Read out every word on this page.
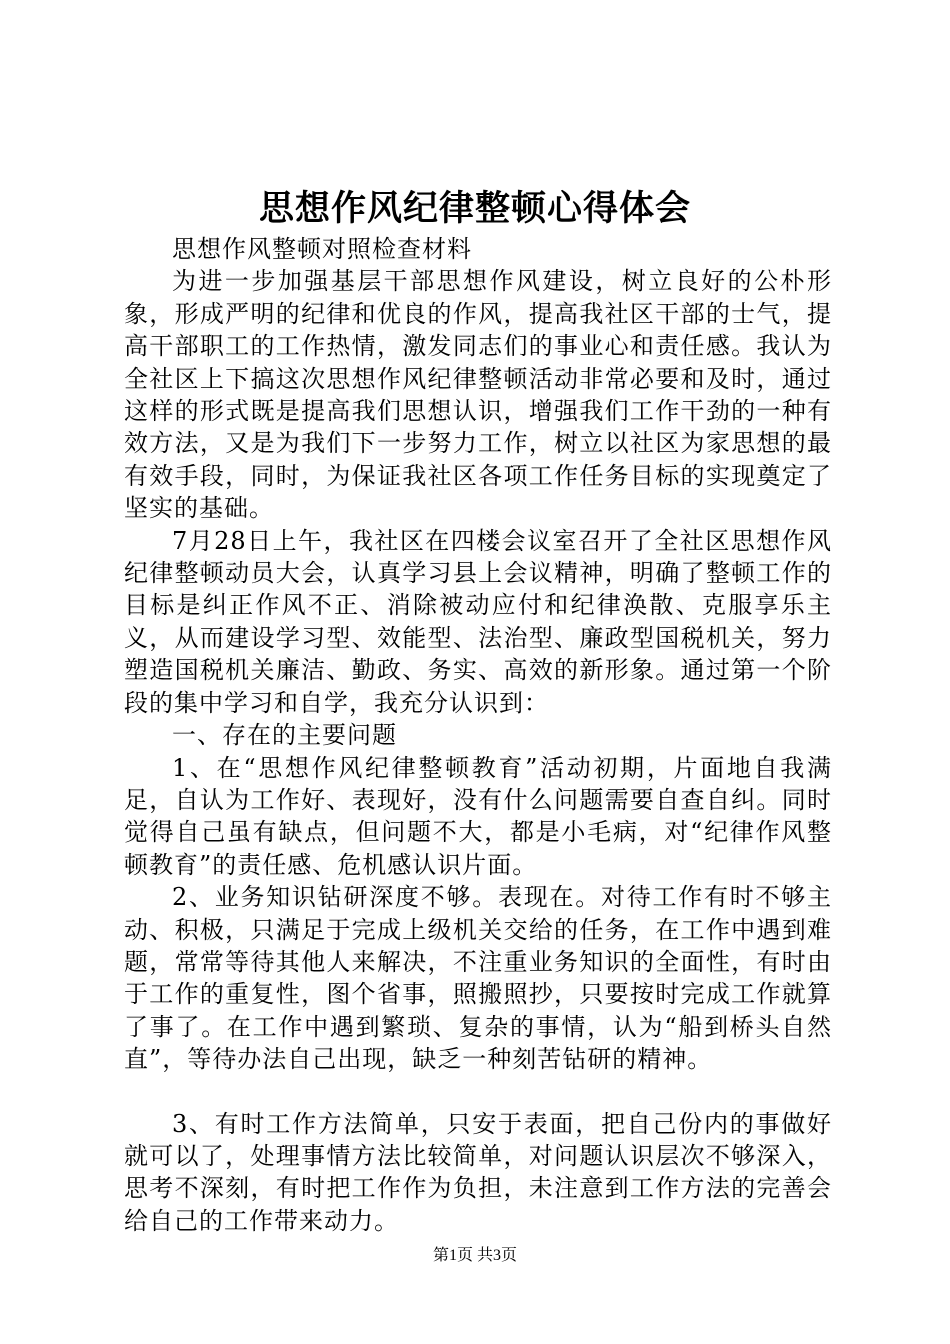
思想作风纪律整顿心得体会

思想作风整顿对照检查材料

为进一步加强基层干部思想作风建设，树立良好的公朴形象，形成严明的纪律和优良的作风，提高我社区干部的士气，提高干部职工的工作热情，激发同志们的事业心和责任感。我认为全社区上下搞这次思想作风纪律整顿活动非常必要和及时，通过这样的形式既是提高我们思想认识，增强我们工作干劲的一种有效方法，又是为我们下一步努力工作，树立以社区为家思想的最有效手段，同时，为保证我社区各项工作任务目标的实现奠定了坚实的基础。

7月28日上午，我社区在四楼会议室召开了全社区思想作风纪律整顿动员大会，认真学习县上会议精神，明确了整顿工作的目标是纠正作风不正、消除被动应付和纪律涣散、克服享乐主义，从而建设学习型、效能型、法治型、廉政型国税机关，努力塑造国税机关廉洁、勤政、务实、高效的新形象。通过第一个阶段的集中学习和自学，我充分认识到：

一、存在的主要问题

1、在“思想作风纪律整顿教育”活动初期，片面地自我满足，自认为工作好、表现好，没有什么问题需要自查自纠。同时觉得自己虽有缺点，但问题不大，都是小毛病，对“纪律作风整顿教育”的责任感、危机感认识片面。

2、业务知识钻研深度不够。表现在。对待工作有时不够主动、积极，只满足于完成上级机关交给的任务，在工作中遇到难题，常常等待其他人来解决，不注重业务知识的全面性，有时由于工作的重复性，图个省事，照搬照抄，只要按时完成工作就算了事了。在工作中遇到繁琐、复杂的事情，认为“船到桥头自然直”，等待办法自己出现，缺乏一种刻苦钻研的精神。

3、有时工作方法简单，只安于表面，把自己份内的事做好就可以了，处理事情方法比较简单，对问题认识层次不够深入，思考不深刻，有时把工作作为负担，未注意到工作方法的完善会给自己的工作带来动力。

第1页 共3页
